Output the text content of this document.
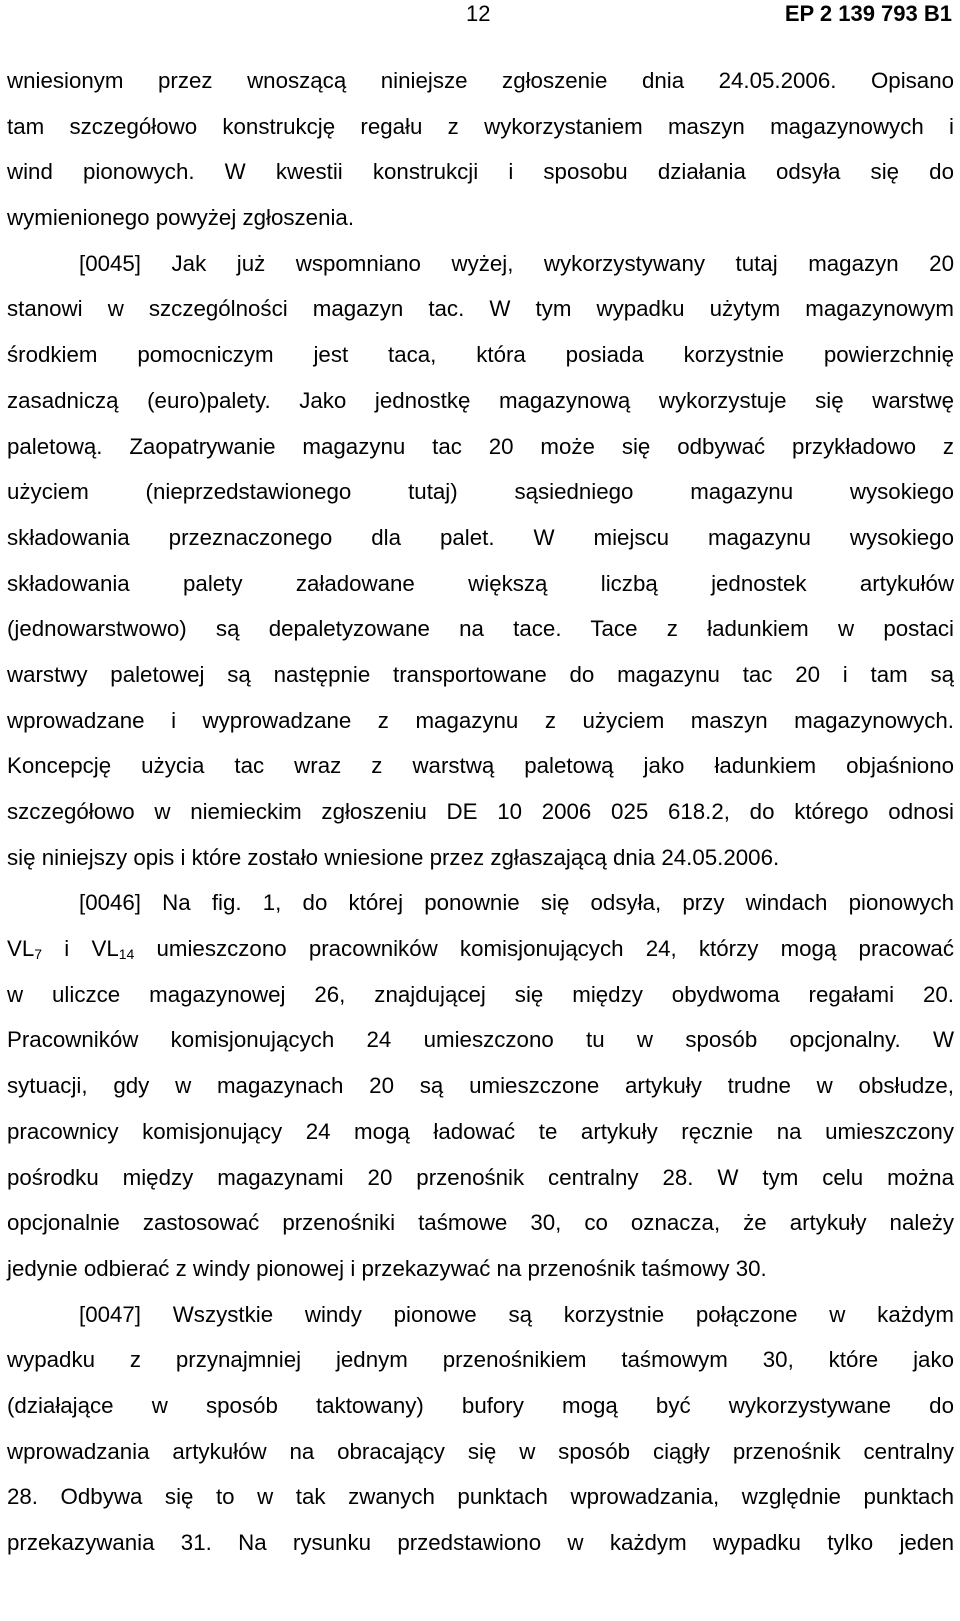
12	EP 2 139 793 B1
wniesionym przez wnoszącą niniejsze zgłoszenie dnia 24.05.2006. Opisano
tam szczegółowo konstrukcję regału z wykorzystaniem maszyn magazynowych i
wind pionowych. W kwestii konstrukcji i sposobu działania odsyła się do
wymienionego powyżej zgłoszenia.
[0045] Jak już wspomniano wyżej, wykorzystywany tutaj magazyn 20
stanowi w szczególności magazyn tac. W tym wypadku użytym magazynowym
środkiem pomocniczym jest taca, która posiada korzystnie powierzchnię
zasadniczą (euro)palety. Jako jednostkę magazynową wykorzystuje się warstwę
paletową. Zaopatrywanie magazynu tac 20 może się odbywać przykładowo z
użyciem (nieprzedstawionego tutaj) sąsiedniego magazynu wysokiego
składowania przeznaczonego dla palet. W miejscu magazynu wysokiego
składowania palety załadowane większą liczbą jednostek artykułów
(jednowarstwowo) są depaletyzowane na tace. Tace z ładunkiem w postaci
warstwy paletowej są następnie transportowane do magazynu tac 20 i tam są
wprowadzane i wyprowadzane z magazynu z użyciem maszyn magazynowych.
Koncepcję użycia tac wraz z warstwą paletową jako ładunkiem objaśniono
szczegółowo w niemieckim zgłoszeniu DE 10 2006 025 618.2, do którego odnosi
się niniejszy opis i które zostało wniesione przez zgłaszającą dnia 24.05.2006.
[0046] Na fig. 1, do której ponownie się odsyła, przy windach pionowych
$VL_7$ i $VL_{14}$ umieszczono pracowników komisjonujących 24, którzy mogą pracować
w uliczce magazynowej 26, znajdującej się między obydwoma regałami 20.
Pracowników komisjonujących 24 umieszczono tu w sposób opcjonalny. W
sytuacji, gdy w magazynach 20 są umieszczone artykuły trudne w obsłudze,
pracownicy komisjonujący 24 mogą ładować te artykuły ręcznie na umieszczony
pośrodku między magazynami 20 przenośnik centralny 28. W tym celu można
opcjonalnie zastosować przenośniki taśmowe 30, co oznacza, że artykuły należy
jedynie odbierać z windy pionowej i przekazywać na przenośnik taśmowy 30.
[0047] Wszystkie windy pionowe są korzystnie połączone w każdym
wypadku z przynajmniej jednym przenośnikiem taśmowym 30, które jako
(działające w sposób taktowany) bufory mogą być wykorzystywane do
wprowadzania artykułów na obracający się w sposób ciągły przenośnik centralny
28. Odbywa się to w tak zwanych punktach wprowadzania, względnie punktach
przekazywania 31. Na rysunku przedstawiono w każdym wypadku tylko jeden
